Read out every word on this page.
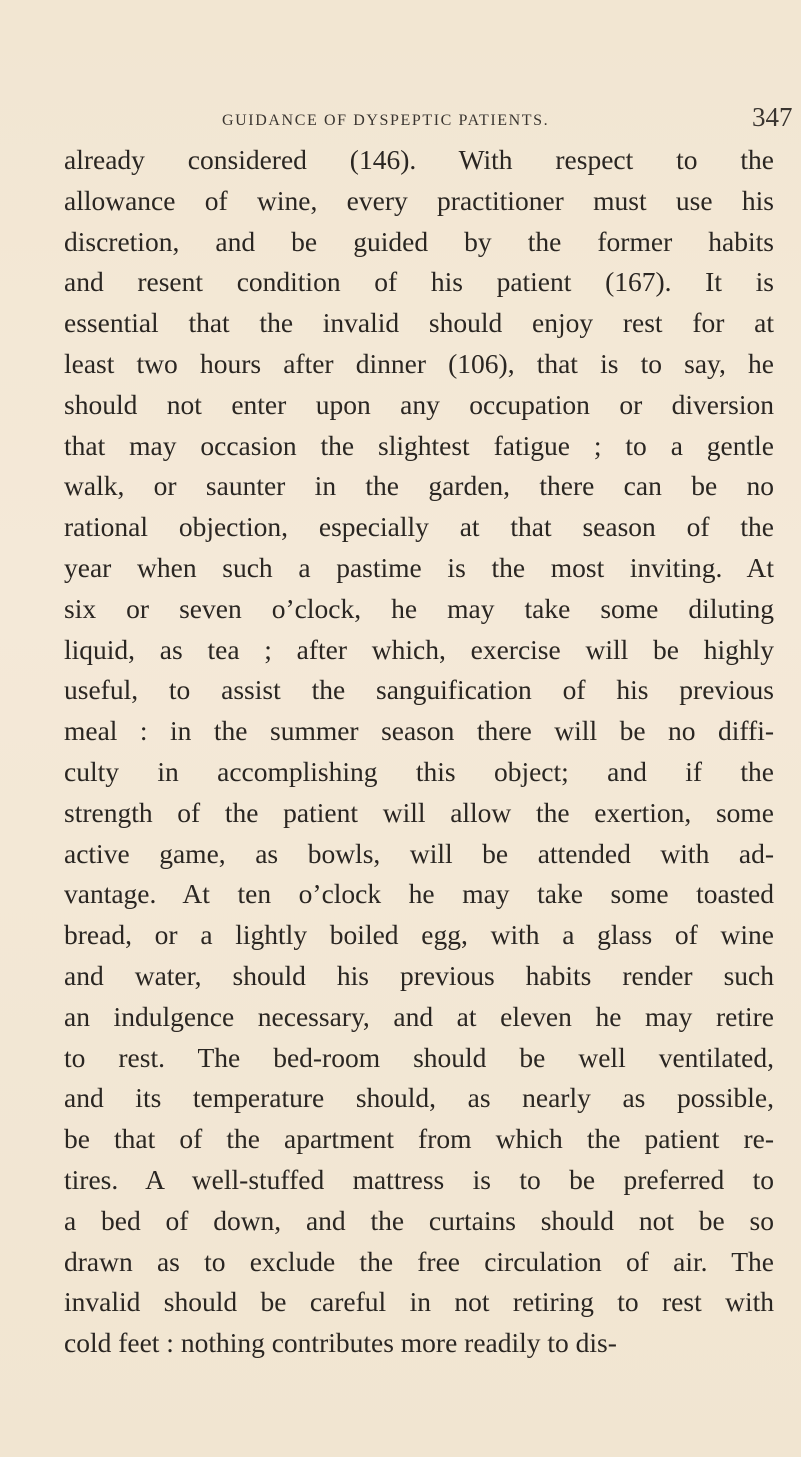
GUIDANCE OF DYSPEPTIC PATIENTS.	347
already considered (146). With respect to the
allowance of wine, every practitioner must use his
discretion, and be guided by the former habits
and resent condition of his patient (167). It is
essential that the invalid should enjoy rest for at
least two hours after dinner (106), that is to say, he
should not enter upon any occupation or diversion
that may occasion the slightest fatigue ; to a gentle
walk, or saunter in the garden, there can be no
rational objection, especially at that season of the
year when such a pastime is the most inviting. At
six or seven o’clock, he may take some diluting
liquid, as tea ; after which, exercise will be highly
useful, to assist the sanguification of his previous
meal : in the summer season there will be no diffi-
culty in accomplishing this object; and if the
strength of the patient will allow the exertion, some
active game, as bowls, will be attended with ad-
vantage. At ten o’clock he may take some toasted
bread, or a lightly boiled egg, with a glass of wine
and water, should his previous habits render such
an indulgence necessary, and at eleven he may retire
to rest. The bed-room should be well ventilated,
and its temperature should, as nearly as possible,
be that of the apartment from which the patient re-
tires. A well-stuffed mattress is to be preferred to
a bed of down, and the curtains should not be so
drawn as to exclude the free circulation of air. The
invalid should be careful in not retiring to rest with
cold feet : nothing contributes more readily to dis-
